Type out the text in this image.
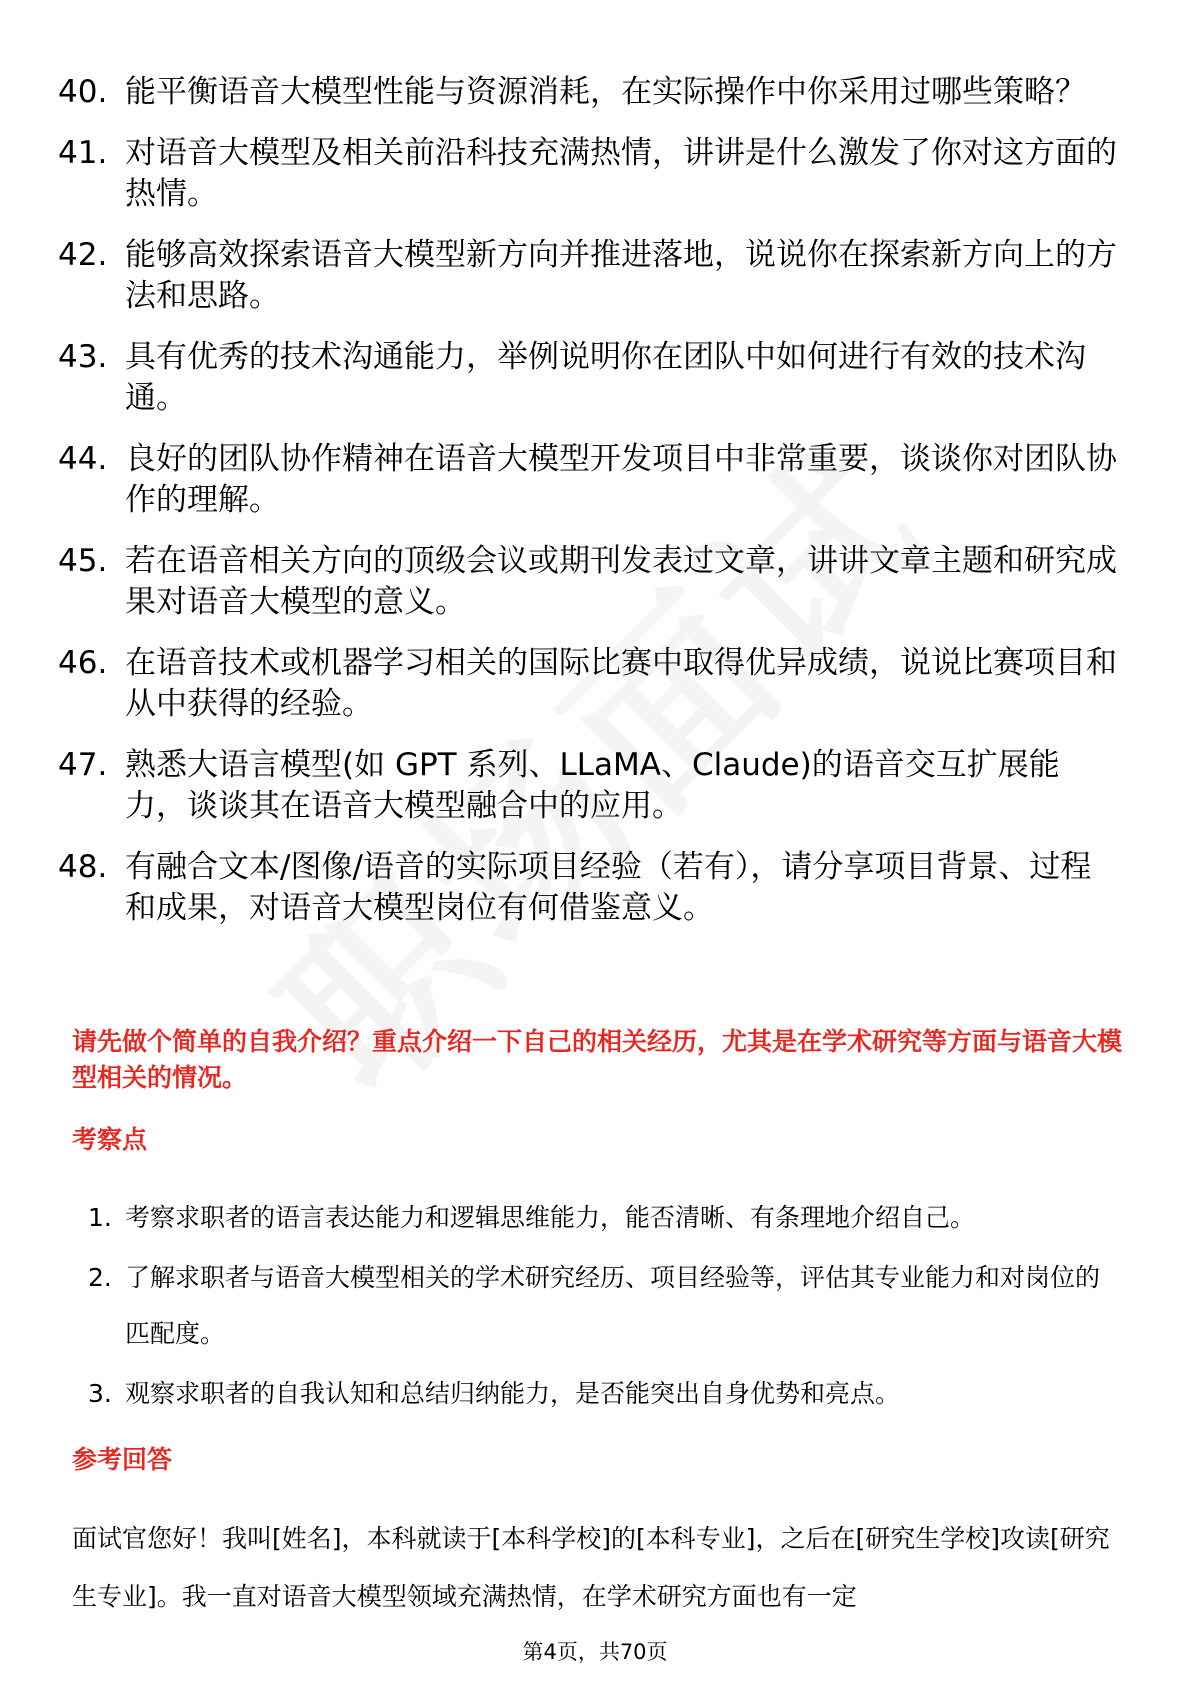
40. 能平衡语音大模型性能与资源消耗，在实际操作中你采用过哪些策略？
41. 对语音大模型及相关前沿科技充满热情，讲讲是什么激发了你对这方面的热情。
42. 能够高效探索语音大模型新方向并推进落地，说说你在探索新方向上的方法和思路。
43. 具有优秀的技术沟通能力，举例说明你在团队中如何进行有效的技术沟通。
44. 良好的团队协作精神在语音大模型开发项目中非常重要，谈谈你对团队协作的理解。
45. 若在语音相关方向的顶级会议或期刊发表过文章，讲讲文章主题和研究成果对语音大模型的意义。
46. 在语音技术或机器学习相关的国际比赛中取得优异成绩，说说比赛项目和从中获得的经验。
47. 熟悉大语言模型(如 GPT 系列、LLaMA、Claude)的语音交互扩展能力，谈谈其在语音大模型融合中的应用。
48. 有融合文本/图像/语音的实际项目经验（若有），请分享项目背景、过程和成果，对语音大模型岗位有何借鉴意义。
请先做个简单的自我介绍？重点介绍一下自己的相关经历，尤其是在学术研究等方面与语音大模型相关的情况。
考察点
1. 考察求职者的语言表达能力和逻辑思维能力，能否清晰、有条理地介绍自己。
2. 了解求职者与语音大模型相关的学术研究经历、项目经验等，评估其专业能力和对岗位的匹配度。
3. 观察求职者的自我认知和总结归纳能力，是否能突出自身优势和亮点。
参考回答

面试官您好！我叫[姓名]，本科就读于[本科学校]的[本科专业]，之后在[研究生学校]攻读[研究生专业]。我一直对语音大模型领域充满热情，在学术研究方面也有一定

第4页，共70页
